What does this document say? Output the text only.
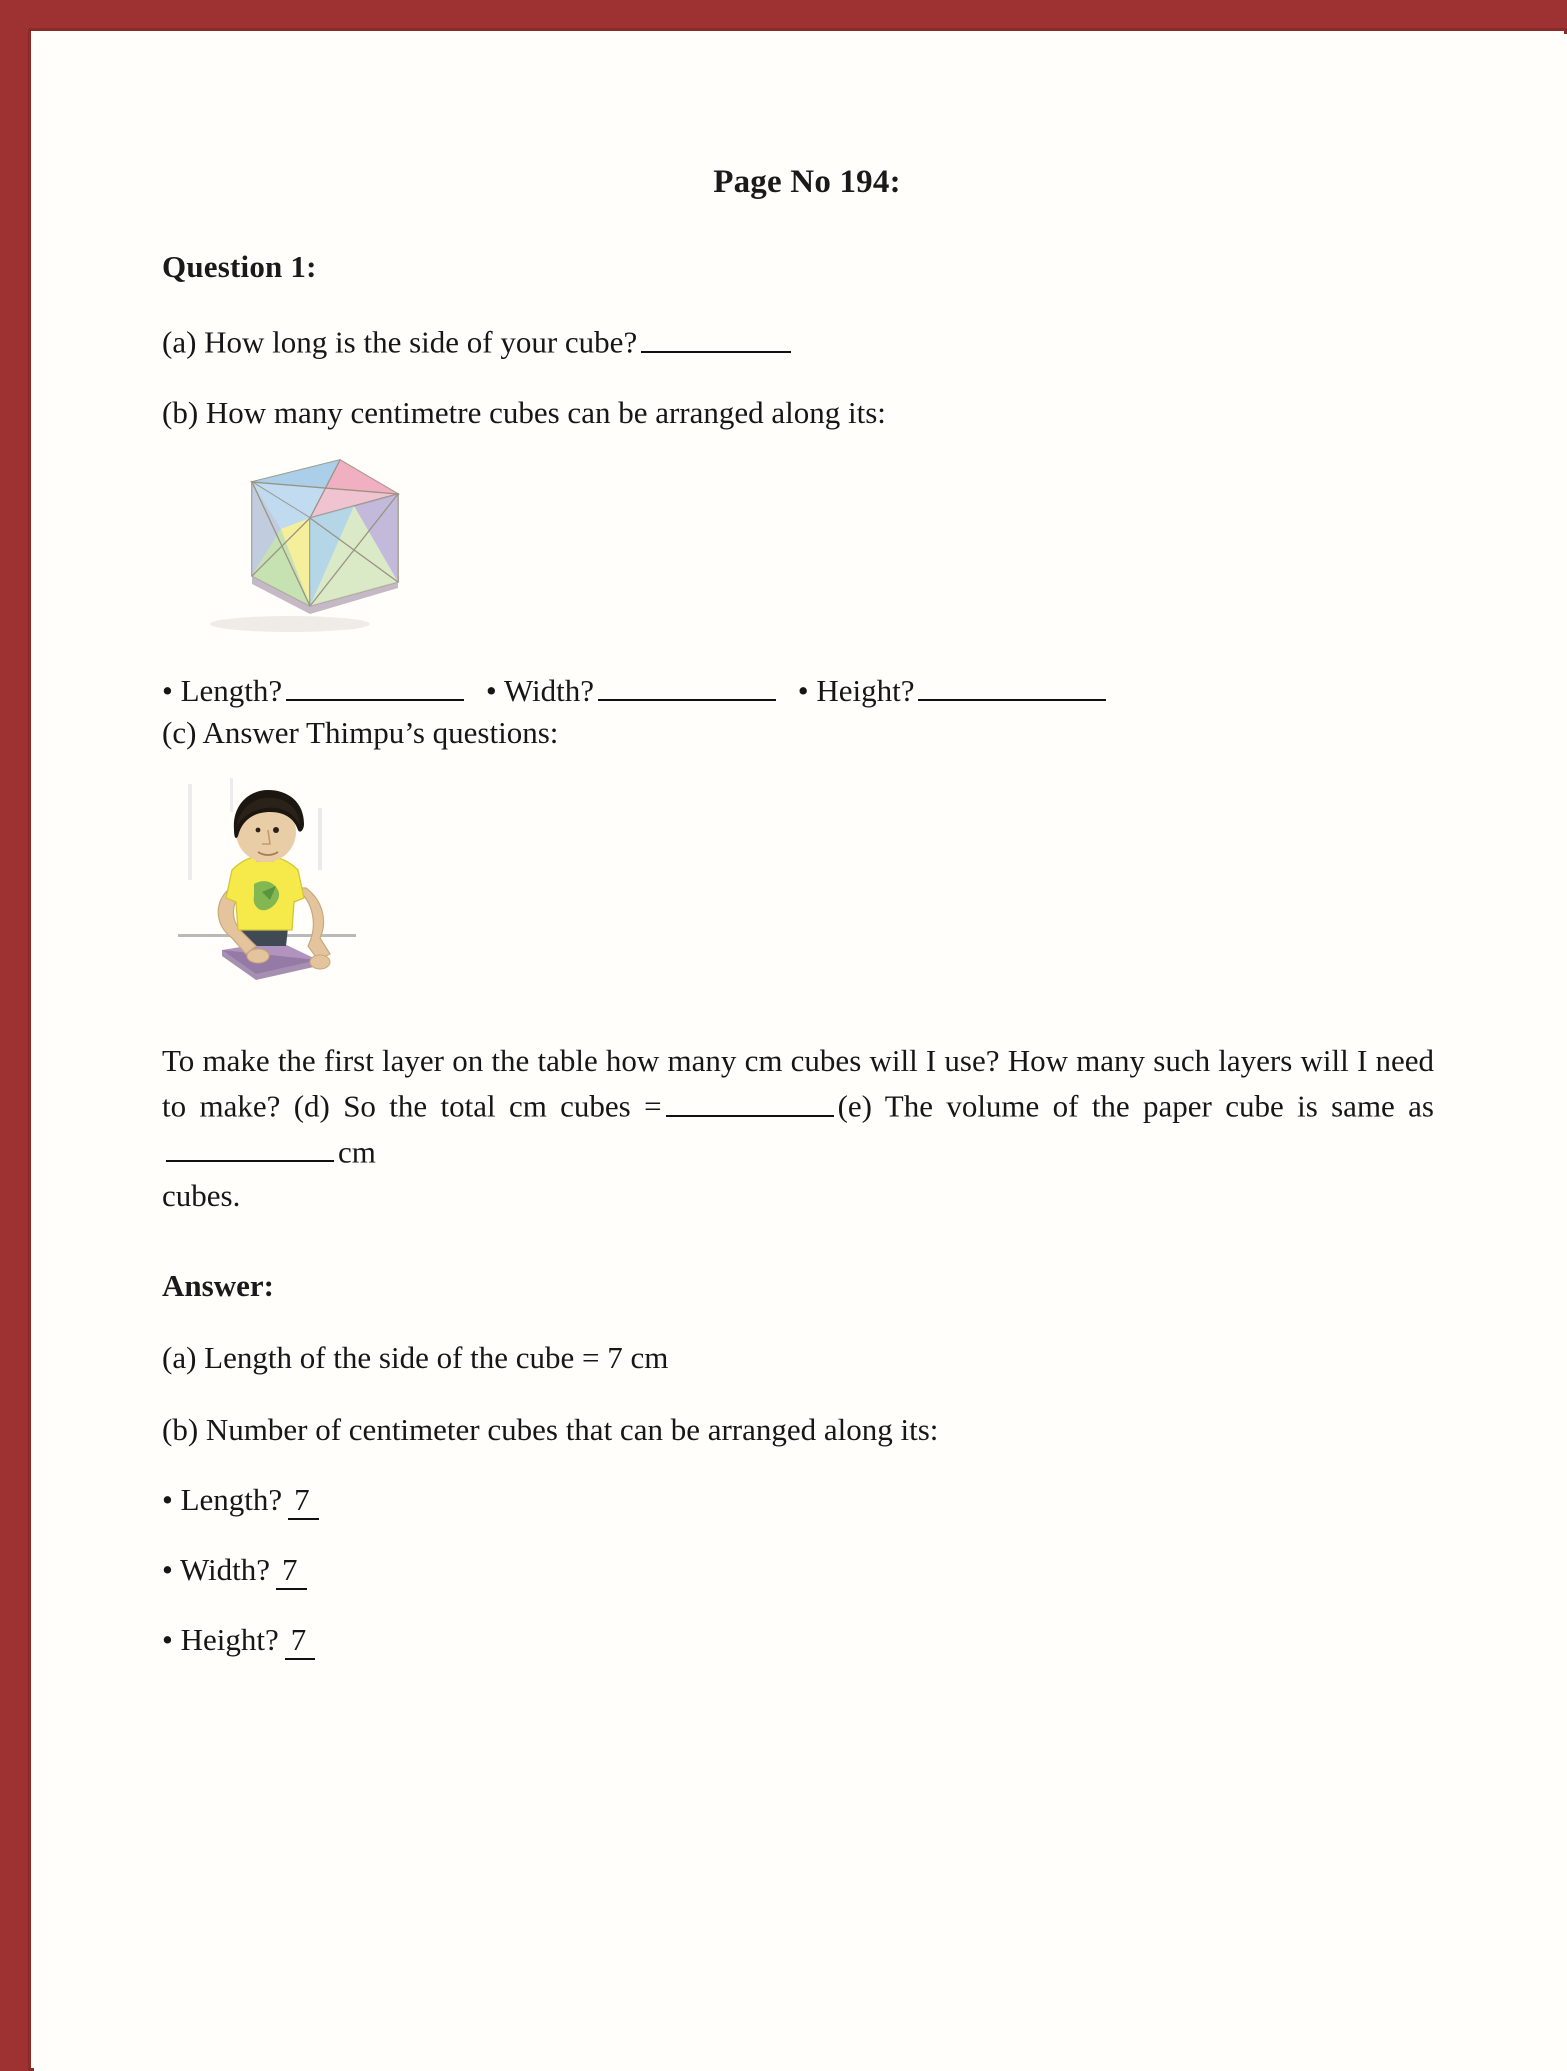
Page No 194:
Question 1:
(a) How long is the side of your cube?
(b) How many centimetre cubes can be arranged along its:
• Length?	• Width?	• Height?
(c) Answer Thimpu’s questions:
To make the first layer on the table how many cm cubes will I use? How many such layers will I need to make? (d) So the total cm cubes =	(e) The volume of the paper cube is same ascm
cubes.
Answer:
(a) Length of the side of the cube = 7 cm
(b) Number of centimeter cubes that can be arranged along its:
• Length? 7
• Width? 7
• Height? 7
